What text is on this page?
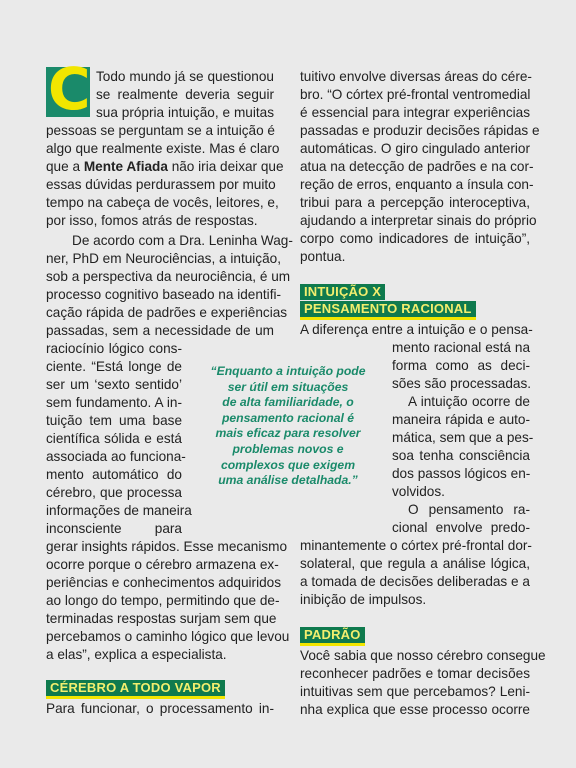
C Todo mundo já se questionou
se realmente deveria seguir
sua própria intuição, e muitas
pessoas se perguntam se a intuição é
algo que realmente existe. Mas é claro
que a Mente Afiada não iria deixar que
essas dúvidas perdurassem por muito
tempo na cabeça de vocês, leitores, e,
por isso, fomos atrás de respostas.
De acordo com a Dra. Leninha Wag-
ner, PhD em Neurociências, a intuição,
sob a perspectiva da neurociência, é um
processo cognitivo baseado na identifi-
cação rápida de padrões e experiências
passadas, sem a necessidade de um
raciocínio lógico cons-
ciente. “Está longe de
ser um ‘sexto sentido’
sem fundamento. A in-
tuição tem uma base
científica sólida e está
associada ao funciona-
mento automático do
cérebro, que processa
informações de maneira
inconsciente para
gerar insights rápidos. Esse mecanismo
ocorre porque o cérebro armazena ex-
periências e conhecimentos adquiridos
ao longo do tempo, permitindo que de-
terminadas respostas surjam sem que
percebamos o caminho lógico que levou
a elas”, explica a especialista.
CÉREBRO A TODO VAPOR
Para funcionar, o processamento in-
“Enquanto a intuição pode
ser útil em situações
de alta familiaridade, o
pensamento racional é
mais eficaz para resolver
problemas novos e
complexos que exigem
uma análise detalhada.”
tuitivo envolve diversas áreas do cére-
bro. “O córtex pré-frontal ventromedial
é essencial para integrar experiências
passadas e produzir decisões rápidas e
automáticas. O giro cingulado anterior
atua na detecção de padrões e na cor-
reção de erros, enquanto a ínsula con-
tribui para a percepção interoceptiva,
ajudando a interpretar sinais do próprio
corpo como indicadores de intuição”,
pontua.
INTUIÇÃO X
PENSAMENTO RACIONAL
A diferença entre a intuição e o pensa-
mento racional está na
forma como as deci-
sões são processadas.
A intuição ocorre de
maneira rápida e auto-
mática, sem que a pes-
soa tenha consciência
dos passos lógicos en-
volvidos.
O pensamento ra-
cional envolve predo-
minantemente o córtex pré-frontal dor-
solateral, que regula a análise lógica,
a tomada de decisões deliberadas e a
inibição de impulsos.
PADRÃO
Você sabia que nosso cérebro consegue
reconhecer padrões e tomar decisões
intuitivas sem que percebamos? Leni-
nha explica que esse processo ocorre
